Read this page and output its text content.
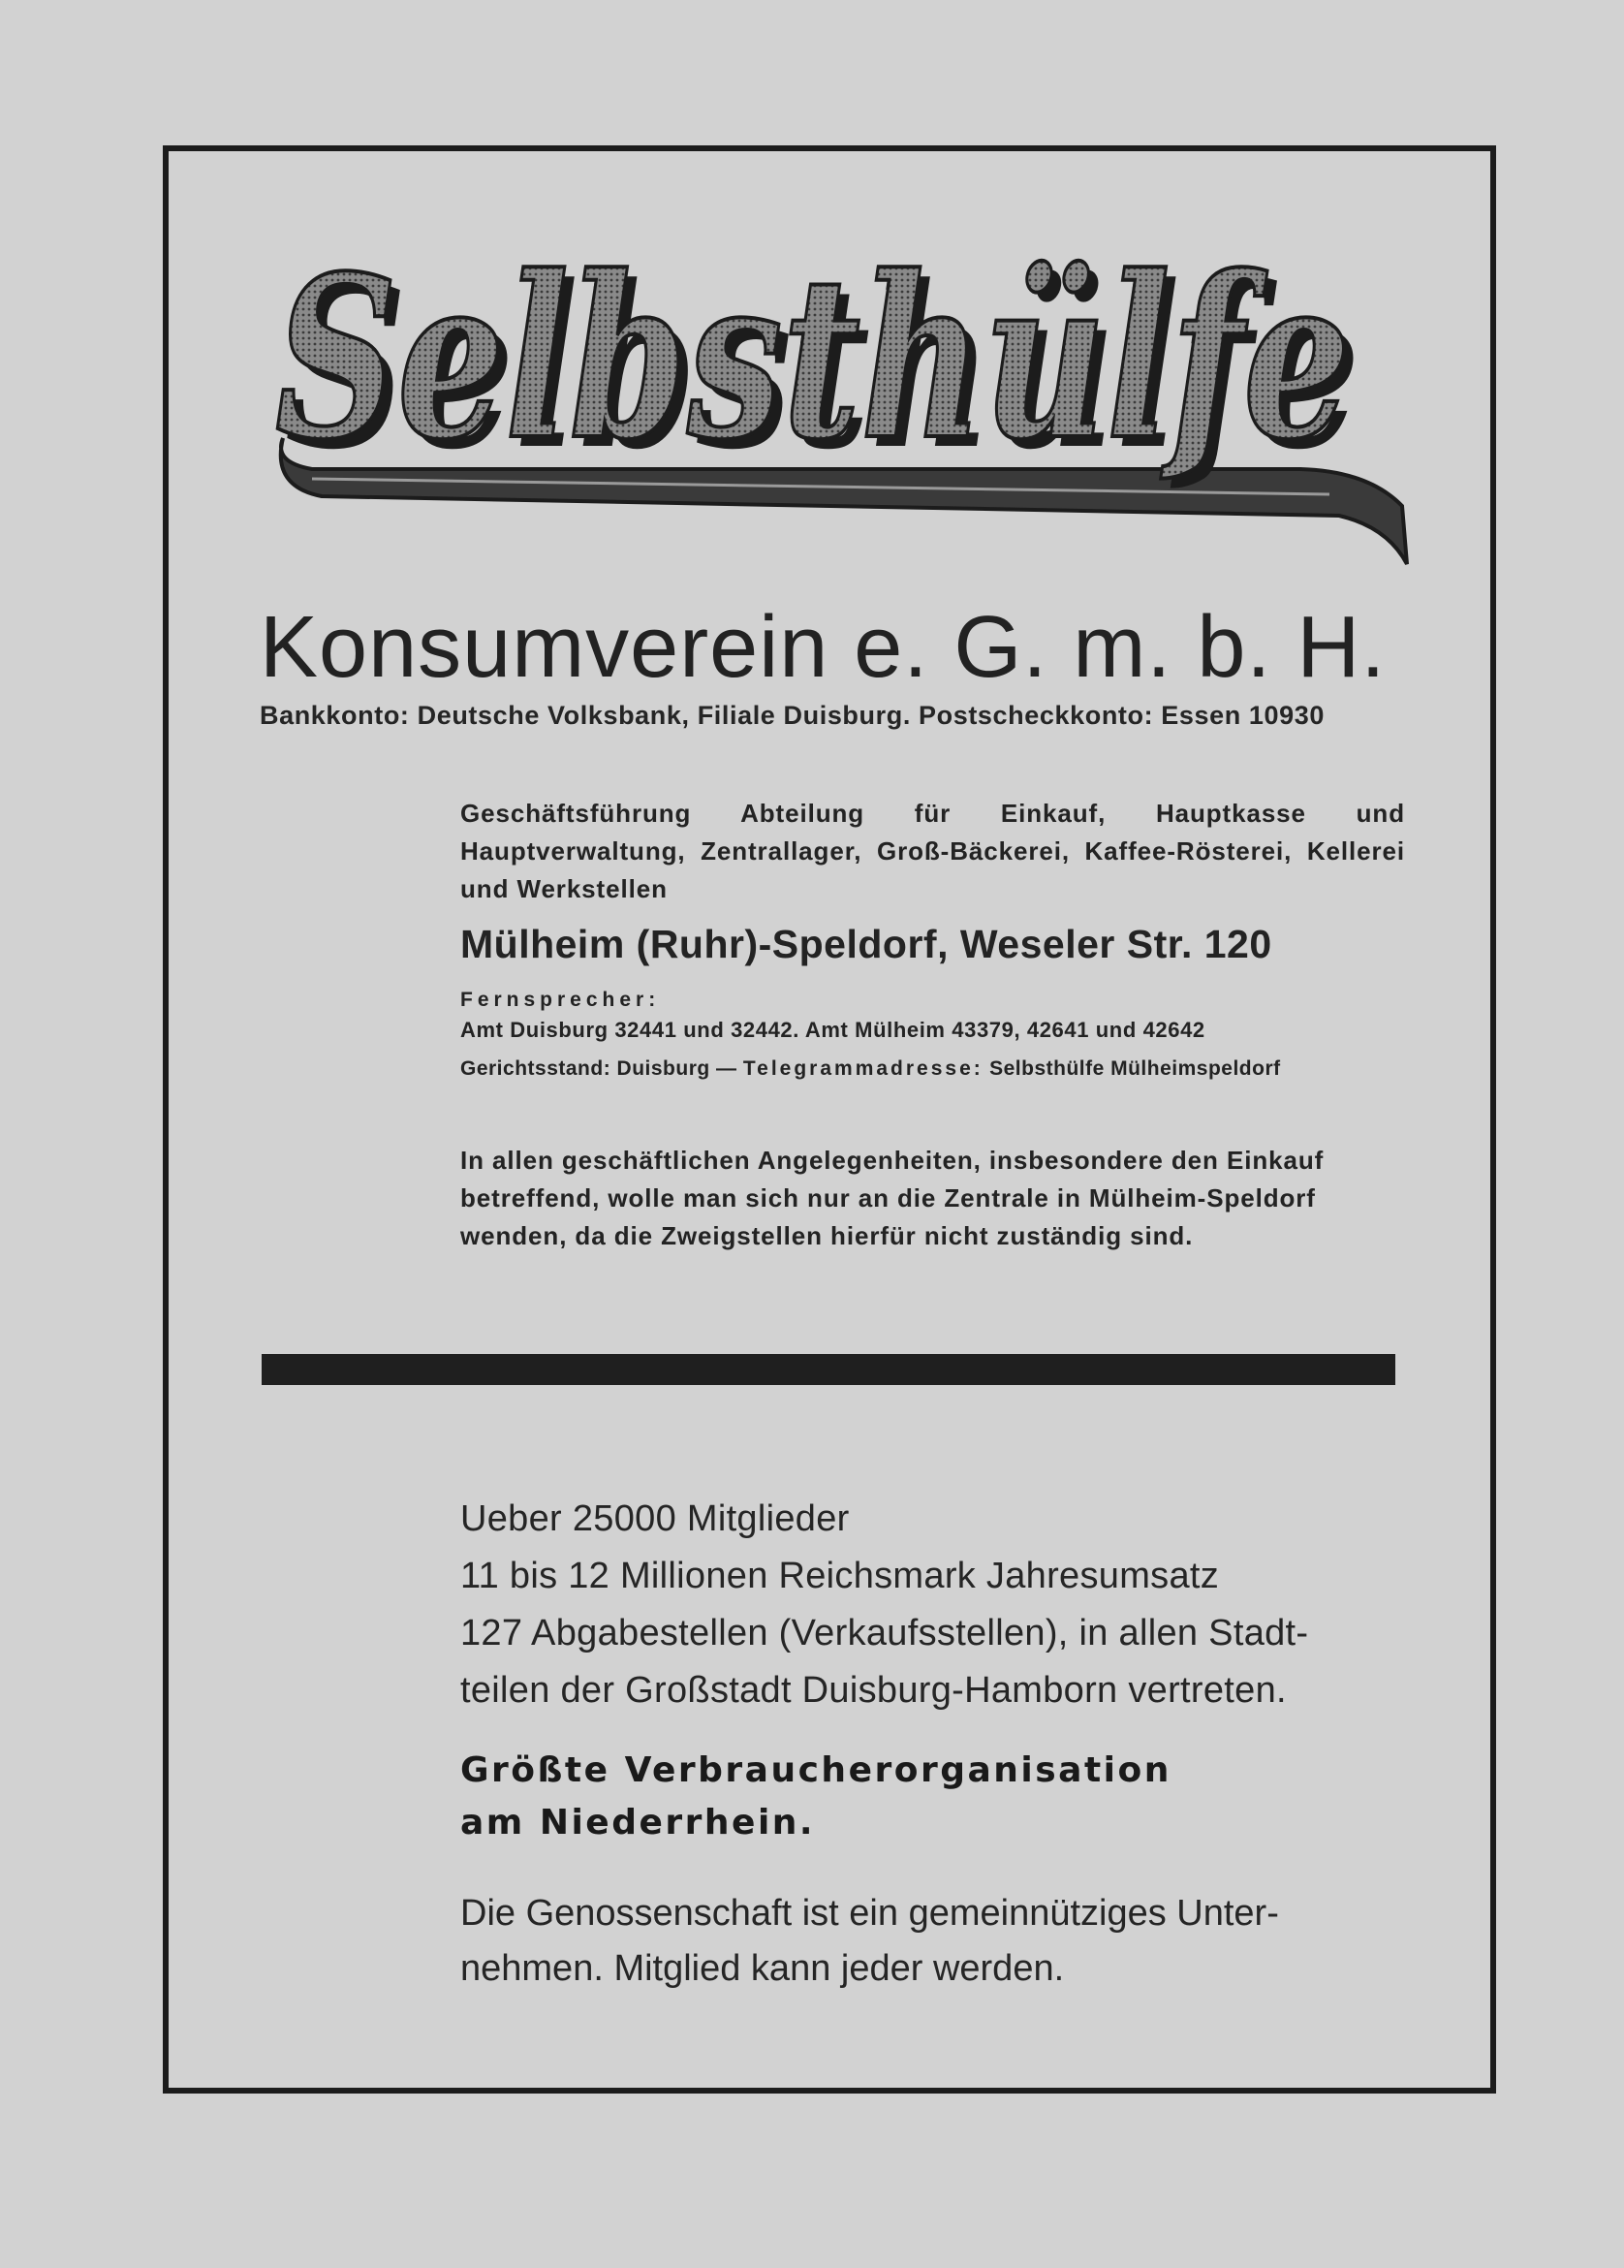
Selbsthülfe
Selbsthülfe
Konsumverein e. G. m. b. H.
Bankkonto: Deutsche Volksbank, Filiale Duisburg. Postscheckkonto: Essen 10930
Geschäftsführung Abteilung für Einkauf, Hauptkasse und Hauptverwaltung, Zentrallager, Groß-Bäckerei, Kaffee-Rösterei, Kellerei und Werkstellen
Mülheim (Ruhr)-Speldorf, Weseler Str. 120
Fernsprecher:
Amt Duisburg 32441 und 32442. Amt Mülheim 43379, 42641 und 42642
Gerichtsstand: Duisburg — Telegrammadresse: Selbsthülfe Mülheimspeldorf
In allen geschäftlichen Angelegenheiten, insbesondere den Einkauf betreffend, wolle man sich nur an die Zentrale in Mülheim-Speldorf wenden, da die Zweigstellen hierfür nicht zuständig sind.
Ueber 25000 Mitglieder
11 bis 12 Millionen Reichsmark Jahresumsatz
127 Abgabestellen (Verkaufsstellen), in allen Stadt-
teilen der Großstadt Duisburg-Hamborn vertreten.
Größte Verbraucherorganisation
am Niederrhein.
Die Genossenschaft ist ein gemeinnütziges Unter-
nehmen. Mitglied kann jeder werden.
